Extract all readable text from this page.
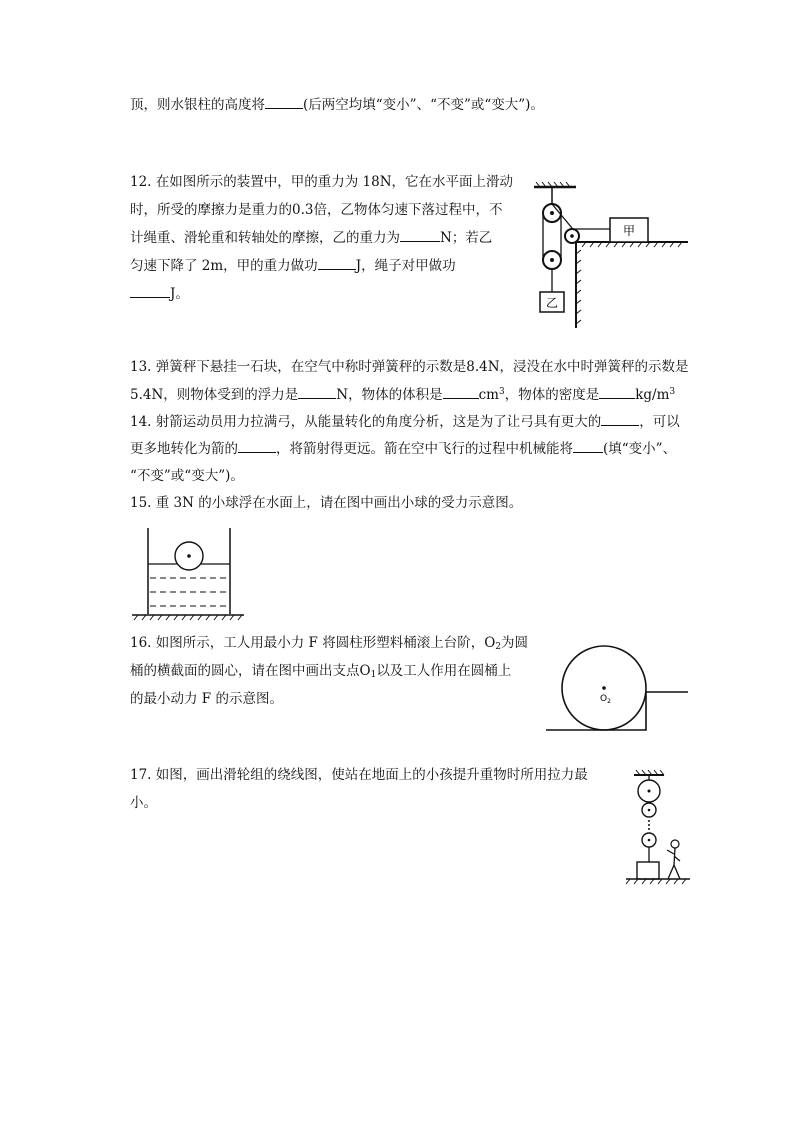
顶，则水银柱的高度将	(后两空均填“变小”、“不变”或“变大”)。
12. 在如图所示的装置中，甲的重力为 18N，它在水平面上滑动
时，所受的摩擦力是重力的0.3倍，乙物体匀速下落过程中，不
计绳重、滑轮重和转轴处的摩擦，乙的重力为	N；若乙
匀速下降了 2m，甲的重力做功	J，绳子对甲做功
J。
乙
甲
13. 弹簧秤下悬挂一石块，在空气中称时弹簧秤的示数是8.4N，浸没在水中时弹簧秤的示数是
5.4N，则物体受到的浮力是	N，物体的体积是	$cm^3$，物体的密度是	$kg/m^3$
14. 射箭运动员用力拉满弓，从能量转化的角度分析，这是为了让弓具有更大的	，可以
更多地转化为箭的	，将箭射得更远。箭在空中飞行的过程中机械能将 (填“变小”、
“不变”或“变大”)。
15. 重 3N 的小球浮在水面上，请在图中画出小球的受力示意图。
16. 如图所示，工人用最小力 F 将圆柱形塑料桶滚上台阶，$O_2$为圆
桶的横截面的圆心，请在图中画出支点$O_1$以及工人作用在圆桶上
的最小动力 F 的示意图。	$O_2$
17. 如图，画出滑轮组的绕线图，使站在地面上的小孩提升重物时所用拉力最
小。
